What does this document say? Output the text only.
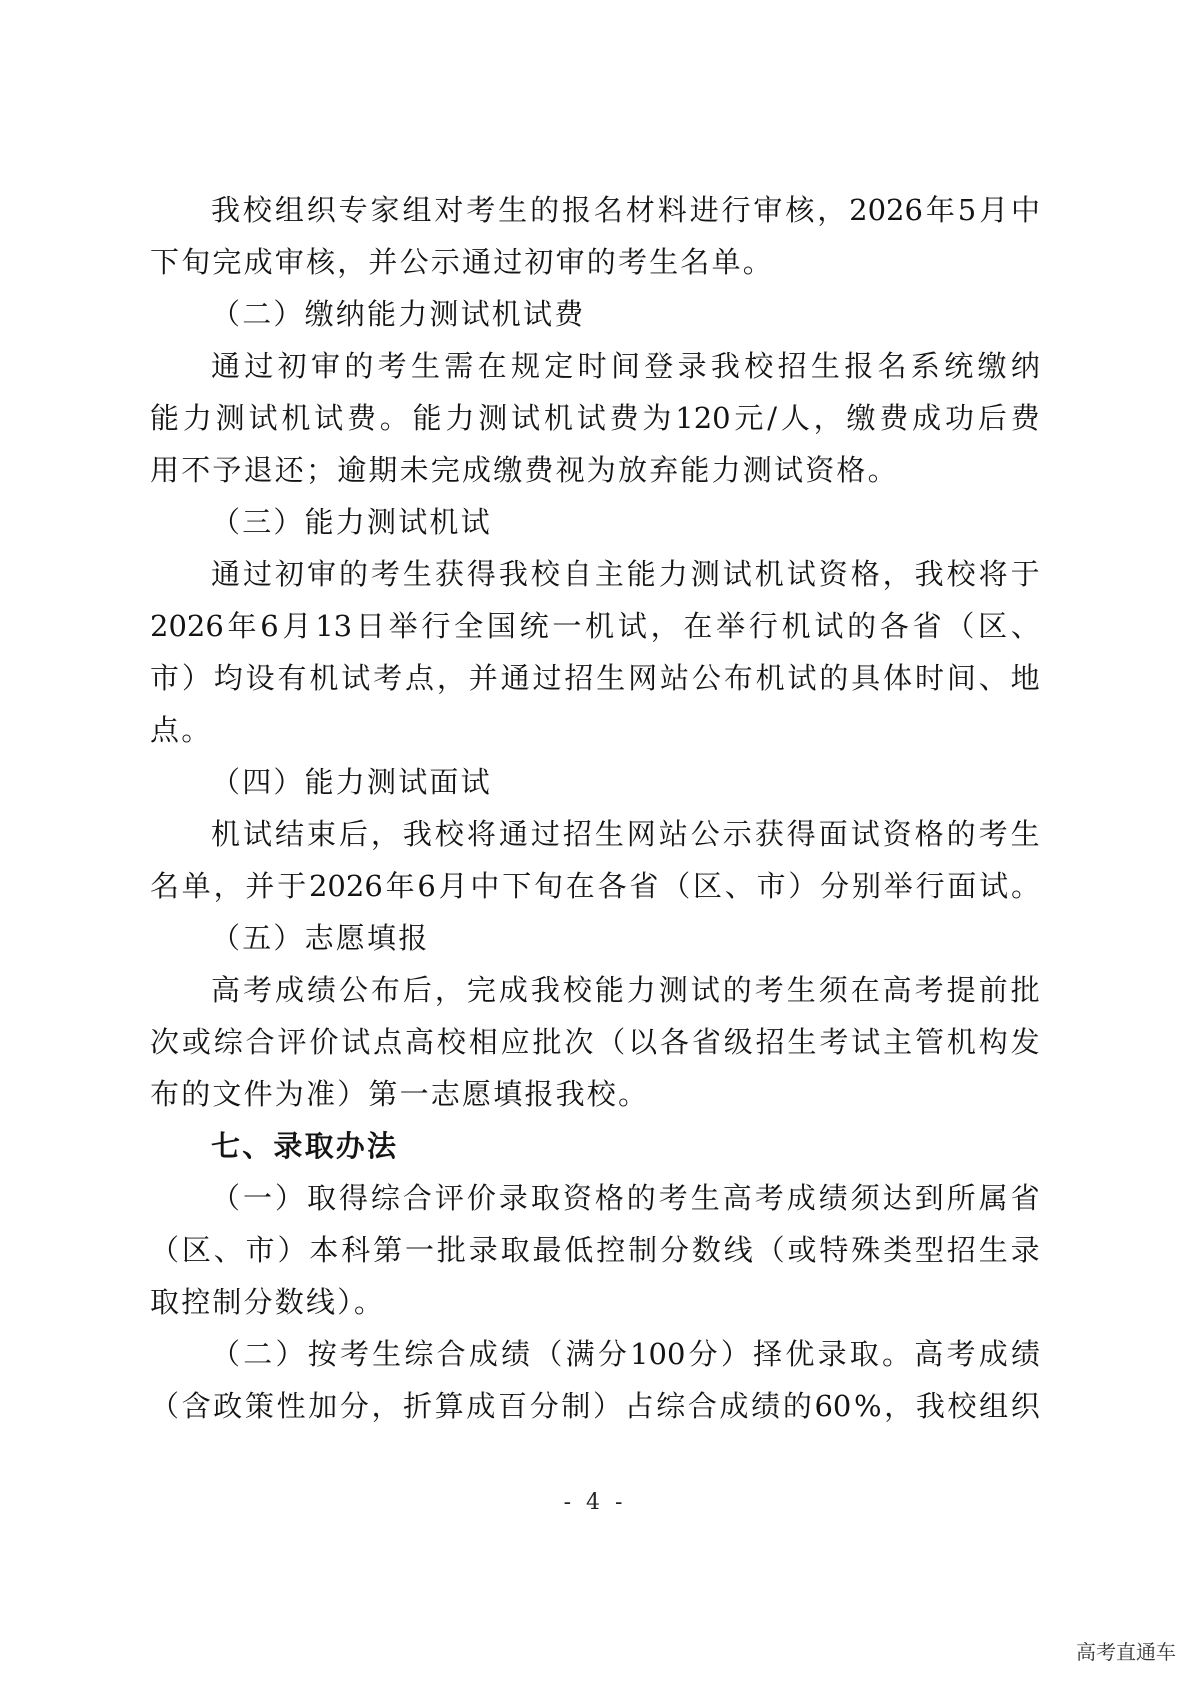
我 校 组 织 专 家 组 对 考 生 的 报 名 材 料 进 行 审 核 ， 2026 年 5 月 中
下旬完成审核，并公示通过初审的考生名单。
（二）缴纳能力测试机试费
通 过 初 审 的 考 生 需 在 规 定 时 间 登 录 我 校 招 生 报 名 系 统 缴 纳
能 力 测 试 机 试 费 。 能 力 测 试 机 试 费 为 120 元 / 人 ， 缴 费 成 功 后 费
用不予退还；逾期未完成缴费视为放弃能力测试资格。
（三）能力测试机试
通 过 初 审 的 考 生 获 得 我 校 自 主 能 力 测 试 机 试 资 格 ， 我 校 将 于
2026 年 6 月 13 日 举 行 全 国 统 一 机 试 ， 在 举 行 机 试 的 各 省 （ 区 、
市 ） 均 设 有 机 试 考 点 ， 并 通 过 招 生 网 站 公 布 机 试 的 具 体 时 间 、 地
点。
（四）能力测试面试
机 试 结 束 后 ， 我 校 将 通 过 招 生 网 站 公 示 获 得 面 试 资 格 的 考 生
名 单 ， 并 于 2026 年 6 月 中 下 旬 在 各 省 （ 区 、 市 ） 分 别 举 行 面 试 。
（五）志愿填报
高 考 成 绩 公 布 后 ， 完 成 我 校 能 力 测 试 的 考 生 须 在 高 考 提 前 批
次 或 综 合 评 价 试 点 高 校 相 应 批 次 （ 以 各 省 级 招 生 考 试 主 管 机 构 发
布的文件为准）第一志愿填报我校。
七、录取办法
（ 一 ） 取 得 综 合 评 价 录 取 资 格 的 考 生 高 考 成 绩 须 达 到 所 属 省
（ 区 、 市 ） 本 科 第 一 批 录 取 最 低 控 制 分 数 线 （ 或 特 殊 类 型 招 生 录
取控制分数线）。
（ 二 ） 按 考 生 综 合 成 绩 （ 满 分 100 分 ） 择 优 录 取 。 高 考 成 绩
（ 含 政 策 性 加 分 ， 折 算 成 百 分 制 ） 占 综 合 成 绩 的 60 % ， 我 校 组 织
- 4 -
高考直通车
